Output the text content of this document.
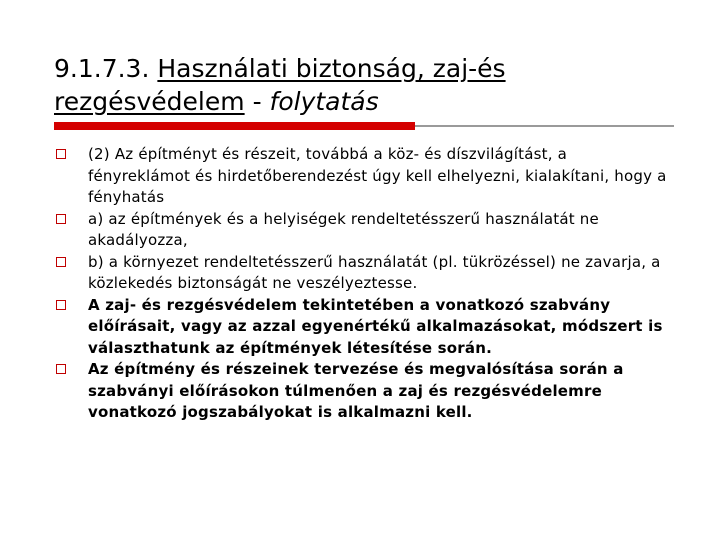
9.1.7.3. Használati biztonság, zaj-és rezgésvédelem - folytatás
(2) Az építményt és részeit, továbbá a köz- és díszvilágítást, a fényreklámot és hirdetőberendezést úgy kell elhelyezni, kialakítani, hogy a fényhatás
a) az építmények és a helyiségek rendeltetésszerű használatát ne akadályozza,
b) a környezet rendeltetésszerű használatát (pl. tükrözéssel) ne zavarja, a közlekedés biztonságát ne veszélyeztesse.
A zaj- és rezgésvédelem tekintetében a vonatkozó szabvány előírásait, vagy az azzal egyenértékű alkalmazásokat, módszert is választhatunk az építmények létesítése során.
Az építmény és részeinek tervezése és megvalósítása során a szabványi előírásokon túlmenően a zaj és rezgésvédelemre vonatkozó jogszabályokat is alkalmazni kell.
